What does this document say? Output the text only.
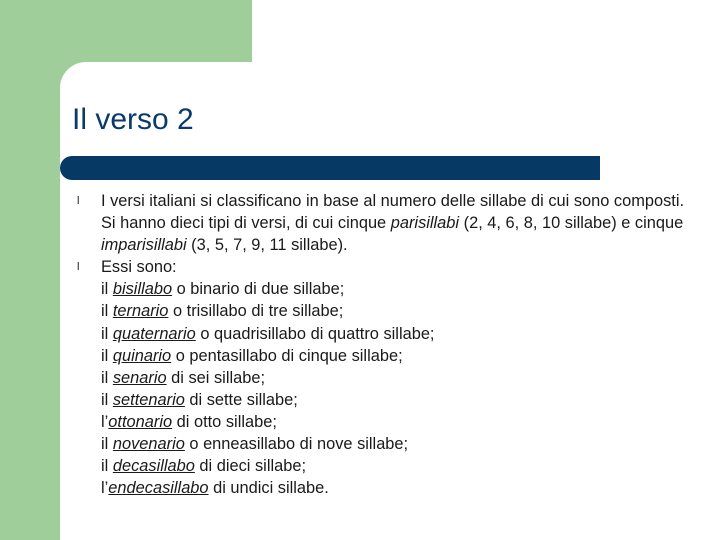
Il verso 2
l I versi italiani si classificano in base al numero delle sillabe di cui sono composti. Si hanno dieci tipi di versi, di cui cinque parisillabi (2, 4, 6, 8, 10 sillabe) e cinque imparisillabi (3, 5, 7, 9, 11 sillabe).
l Essi sono:
il bisillabo o binario di due sillabe;
il ternario o trisillabo di tre sillabe;
il quaternario o quadrisillabo di quattro sillabe;
il quinario o pentasillabo di cinque sillabe;
il senario di sei sillabe;
il settenario di sette sillabe;
l’ottonario di otto sillabe;
il novenario o enneasillabo di nove sillabe;
il decasillabo di dieci sillabe;
l’endecasillabo di undici sillabe.
